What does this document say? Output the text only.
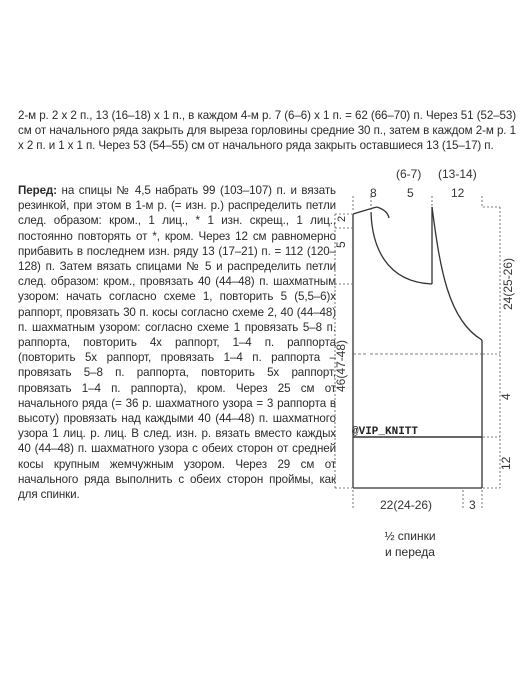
2-м р. 2 х 2 п., 13 (16–18) х 1 п., в каждом 4-м р. 7 (6–6) х 1 п. = 62 (66–70) п. Через 51 (52–53) см от начального ряда закрыть для выреза горловины средние 30 п., затем в каждом 2-м р. 1 х 2 п. и 1 х 1 п. Через 53 (54–55) см от начального ряда закрыть оставшиеся 13 (15–17) п.

Перед: на спицы № 4,5 набрать 99 (103–107) п. и вязать резинкой, при этом в 1-м р. (= изн. р.) распределить петли след. образом: кром., 1 лиц., * 1 изн. скрещ., 1 лиц., постоянно повторять от *, кром. Через 12 см равномерно прибавить в последнем изн. ряду 13 (17–21) п. = 112 (120–128) п. Затем вязать спицами № 5 и распределить петли след. образом: кром., провязать 40 (44–48) п. шахматным узором: начать согласно схеме 1, повторить 5 (5,5–6)х раппорт, провязать 30 п. косы согласно схеме 2, 40 (44–48) п. шахматным узором: согласно схеме 1 провязать 5–8 п. раппорта, повторить 4х раппорт, 1–4 п. раппорта (повторить 5х раппорт, провязать 1–4 п. раппорта – провязать 5–8 п. раппорта, повторить 5х раппорт, провязать 1–4 п. раппорта), кром. Через 25 см от начального ряда (= 36 р. шахматного узора = 3 раппорта в высоту) провязать над каждыми 40 (44–48) п. шахматного узора 1 лиц. р. лиц. В след. изн. р. вязать вместо каждых 40 (44–48) п. шахматного узора с обеих сторон от средней косы крупным жемчужным узором. Через 29 см от начального ряда выполнить с обеих сторон проймы, как для спинки.
(6-7) (13-14)
8	5	12
2
5
46(47-48)
24(25-26)
4
12
22(24-26)	3
@VIP_KNITT
½ спинки
и переда
